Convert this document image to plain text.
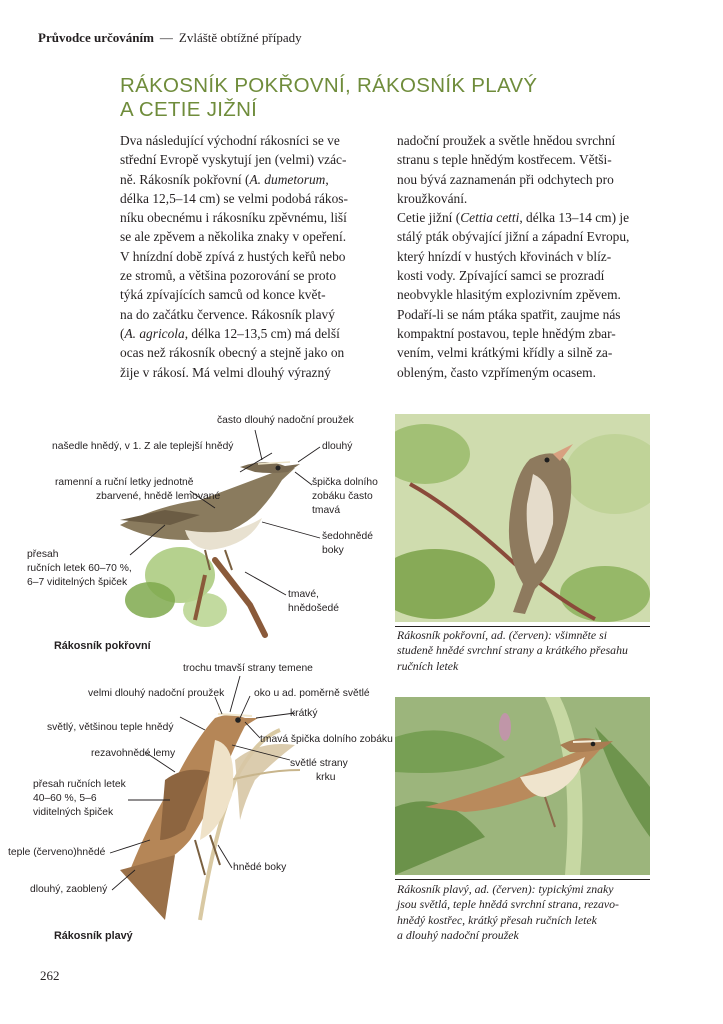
Průvodce určováním — Zvláště obtížné případy
RÁKOSNÍK POKŘOVNÍ, RÁKOSNÍK PLAVÝ
A CETIE JIŽNÍ
Dva následující východní rákosníci se ve
střední Evropě vyskytují jen (velmi) vzác-
ně. Rákosník pokřovní (A. dumetorum,
délka 12,5–14 cm) se velmi podobá rákos-
níku obecnému i rákosníku zpěvnému, liší
se ale zpěvem a několika znaky v opeření.
V hnízdní době zpívá z hustých keřů nebo
ze stromů, a většina pozorování se proto
týká zpívajících samců od konce květ-
na do začátku července. Rákosník plavý
(A. agricola, délka 12–13,5 cm) má delší
ocas než rákosník obecný a stejně jako on
žije v rákosí. Má velmi dlouhý výrazný
nadoční proužek a světle hnědou svrchní
stranu s teple hnědým kostřecem. Větši-
nou bývá zaznamenán při odchytech pro
kroužkování.
Cetie jižní (Cettia cetti, délka 13–14 cm) je
stálý pták obývající jižní a západní Evropu,
který hnízdí v hustých křovinách v blíz-
kosti vody. Zpívající samci se prozradí
neobvykle hlasitým explozivním zpěvem.
Podaří-li se nám ptáka spatřit, zaujme nás
kompaktní postavou, teple hnědým zbar-
vením, velmi krátkými křídly a silně za-
obleným, často vzpřímeným ocasem.
často dlouhý nadoční proužek
našedle hnědý, v 1. Z ale teplejší hnědý	dlouhý
ramenní a ruční letky jednotně
zbarvené, hnědě lemované
špička dolního
zobáku často
tmavá
šedohnědé
boky
přesah
ručních letek 60–70 %,
6–7 viditelných špiček
tmavé,
hnědošedé
Rákosník pokřovní
trochu tmavší strany temene
velmi dlouhý nadoční proužek	oko u ad. poměrně světlé
krátký
světlý, většinou teple hnědý
tmavá špička dolního zobáku
rezavohnědé lemy
světlé strany
krku
přesah ručních letek
40–60 %, 5–6
viditelných špiček
teple (červeno)hnědé
hnědé boky
dlouhý, zaoblený
Rákosník plavý
Rákosník pokřovní, ad. (červen): všimněte si
studeně hnědé svrchní strany a krátkého přesahu
ručních letek
Rákosník plavý, ad. (červen): typickými znaky
jsou světlá, teple hnědá svrchní strana, rezavo-
hnědý kostřec, krátký přesah ručních letek
a dlouhý nadoční proužek
262
